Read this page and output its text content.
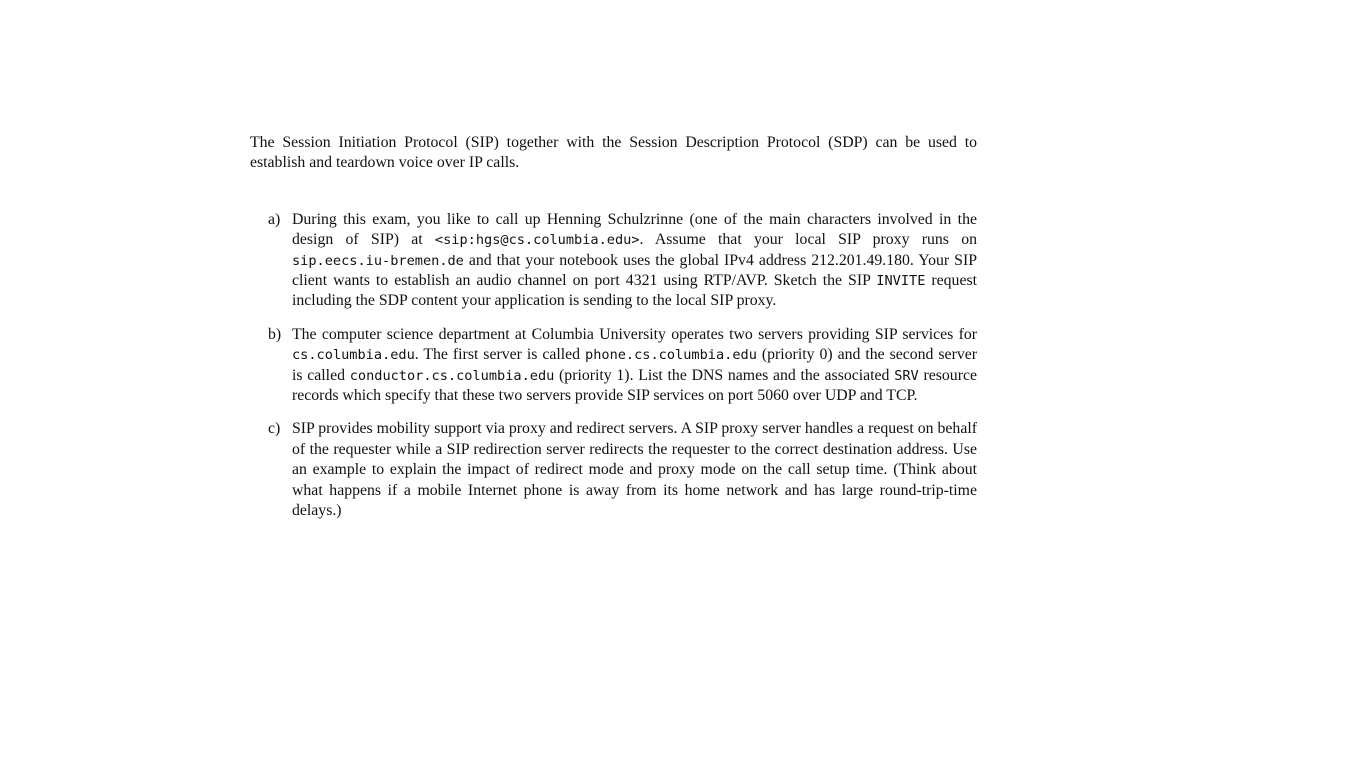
The Session Initiation Protocol (SIP) together with the Session Description Protocol (SDP) can be used to establish and teardown voice over IP calls.

a) During this exam, you like to call up Henning Schulzrinne (one of the main characters involved in the design of SIP) at <sip:hgs@cs.columbia.edu>. Assume that your local SIP proxy runs on sip.eecs.iu-bremen.de and that your notebook uses the global IPv4 address 212.201.49.180. Your SIP client wants to establish an audio channel on port 4321 using RTP/AVP. Sketch the SIP INVITE request including the SDP content your application is sending to the local SIP proxy.

b) The computer science department at Columbia University operates two servers providing SIP services for cs.columbia.edu. The first server is called phone.cs.columbia.edu (priority 0) and the second server is called conductor.cs.columbia.edu (priority 1). List the DNS names and the associated SRV resource records which specify that these two servers provide SIP services on port 5060 over UDP and TCP.

c) SIP provides mobility support via proxy and redirect servers. A SIP proxy server handles a request on behalf of the requester while a SIP redirection server redirects the requester to the correct destination address. Use an example to explain the impact of redirect mode and proxy mode on the call setup time. (Think about what happens if a mobile Internet phone is away from its home network and has large round-trip-time delays.)
